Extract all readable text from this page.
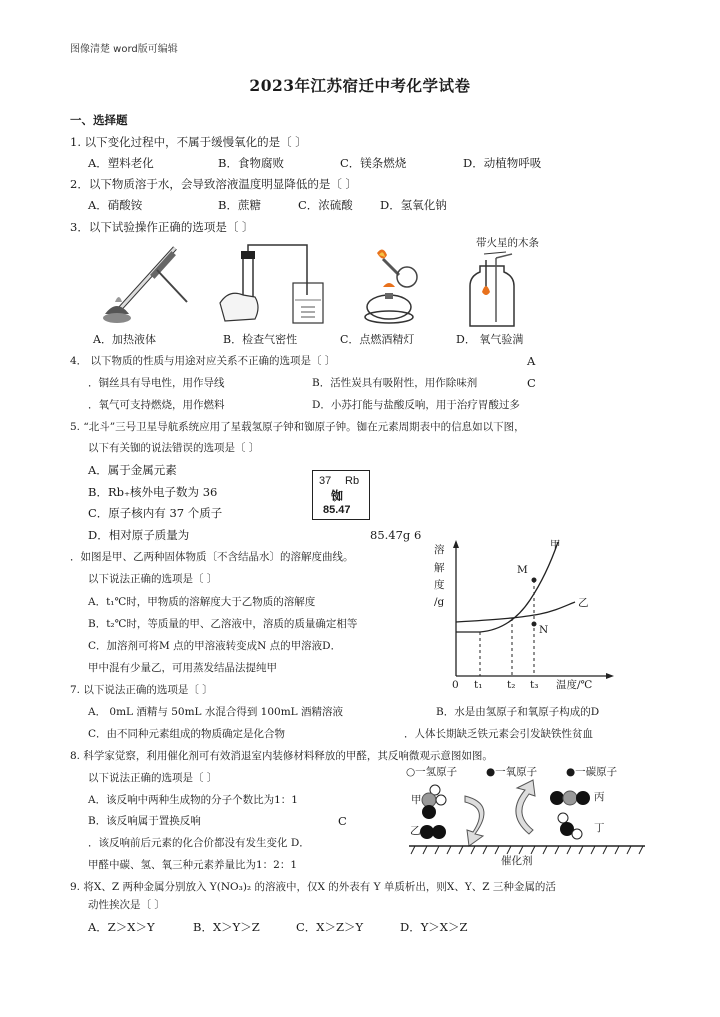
图像清楚 word版可编辑
2023年江苏宿迁中考化学试卷
一、选择题
1. 以下变化过程中，不属于缓慢氧化的是〔 〕
A．塑料老化	B．食物腐败	C．镁条燃烧	D．动植物呼吸
2．以下物质溶于水，会导致溶液温度明显降低的是〔 〕
A．硝酸铵	B．蔗糖	C．浓硫酸 D．氢氧化钠
3．以下试验操作正确的选项是〔 〕
带火星的木条
A．加热液体	B．检查气密性	C．点燃酒精灯	D． 氧气验满
4． 以下物质的性质与用途对应关系不正确的选项是〔 〕	A
．铜丝具有导电性，用作导线	B．活性炭具有吸附性，用作除味剂	C
．氧气可支持燃烧，用作燃料	D．小苏打能与盐酸反响，用于治疗胃酸过多
5. “北斗”三号卫星导航系统应用了星载氢原子钟和铷原子钟。铷在元素周期表中的信息如以下图，
以下有关铷的说法错误的选项是〔 〕
A．属于金属元素
B．Rb₊核外电子数为 36
C．原子核内有 37 个质子
D．相对原子质量为	85.47g 6
37 Rb
铷
85.47
．如图是甲、乙两种固体物质〔不含结晶水〕的溶解度曲线。
以下说法正确的选项是〔 〕
A．t₁℃时，甲物质的溶解度大于乙物质的溶解度
B．t₂℃时，等质量的甲、乙溶液中，溶质的质量确定相等
C．加溶剂可将M 点的甲溶液转变成N 点的甲溶液D．
甲中混有少量乙，可用蒸发结晶法提纯甲
溶
解
度
/g
甲
乙
M
N
0 t₁ t₂ t₃ 温度/℃
7. 以下说法正确的选项是〔 〕
A． 0mL 酒精与 50mL 水混合得到 100mL 酒精溶液	B．水是由氢原子和氧原子构成的D
C．由不同种元素组成的物质确定是化合物	．人体长期缺乏铁元素会引发缺铁性贫血
8. 科学家觉察，利用催化剂可有效消退室内装修材料释放的甲醛，其反响微观示意图如图。
以下说法正确的选项是〔 〕
A．该反响中两种生成物的分子个数比为1：1
B．该反响属于置换反响	C
．该反响前后元素的化合价都没有发生变化 D．
甲醛中碳、氢、氧三种元素养量比为1：2：1
○一氢原子	●一氧原子	●一碳原子
甲
乙
丙
丁
催化剂
9. 将X、Z 两种金属分别放入 Y(NO₃)₂ 的溶液中，仅X 的外表有 Y 单质析出，则X、Y、Z 三种金属的活
动性挨次是〔 〕
A．Z＞X＞Y	B．X＞Y＞Z	C．X＞Z＞Y	D．Y＞X＞Z
